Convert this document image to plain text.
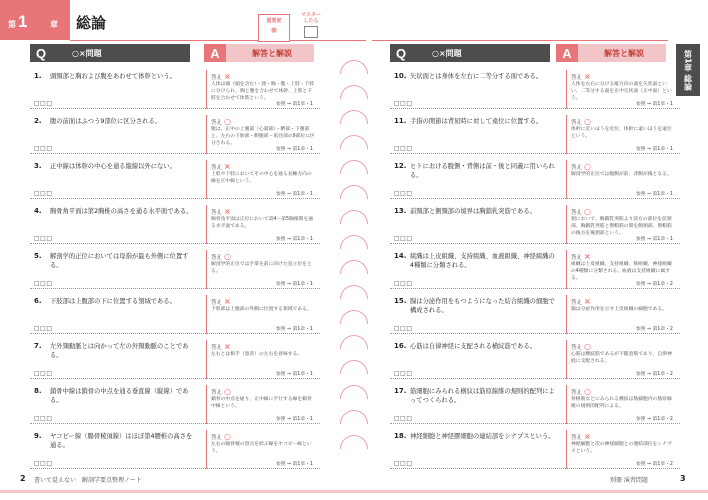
第 1	章 総論	重要度
❋
マスター
したら
Q	○×問題	A	解答と解説	Q	○×問題	A	解答と解説
1. 頭頸部と胸および腹をあわせて体幹という。
□□□
答え ×
人体は頭（頭を含む）・頸・胸・腹・上肢・下肢に分けられ、胸と腹を合わせて体幹、上肢と下肢を合わせて体肢という。
参照 ⇒ 第1章・1
2. 腹の前面はふつう9部位に区分される。
□□□
答え ○
腹は、正中の上腹部（心窩部）・臍部・下腹部と、左右の下肋部・側腹部・鼡径部の9部位に区分される。
参照 ⇒ 第1章・1
3. 正中線は体幹の中心を通る縦線以外にない。
□□□
答え ×
上肢や下肢においてその中心を通る長軸方向の線を正中線という。
参照 ⇒ 第1章・1
4. 胸骨角平面は第2胸椎の高さを通る水平面である。
□□□
答え ×
胸骨角平面は正位において第4～第5胸椎間を通る水平面である。
参照 ⇒ 第1章・1
5. 解剖学的正位においては母指が最も外側に位置する。
□□□
答え ○
解剖学的正位では手掌を前に向けた直立位をとる。
参照 ⇒ 第1章・1
6. 下肢部は上腹部の下に位置する領域である。
□□□
答え ×
下肢部は上腹部の外側に位置する領域である。
参照 ⇒ 第1章・1
7. 左外頸動脈とは向かって左の外頸動脈のことである。
□□□
答え ×
左右とは相手（患者）の左右を意味する。
参照 ⇒ 第1章・1
8. 鎖骨中線は鎖骨の中点を通る垂直線（縦線）である。
□□□
答え ○
鎖骨の中点を通り、正中線に平行する線を鎖骨中線という。
参照 ⇒ 第1章・1
9. ヤコビー線（腸骨稜頂線）はほぼ第4腰椎の高さを通る。
□□□
答え ○
左右の腸骨稜の頂点を結ぶ線をヤコビー線という。
参照 ⇒ 第1章・1
10. 矢状面とは身体を左右に二等分する面である。
□□□
答え ×
人体を左右に分ける縦方向の面を矢状面といい、二等分する面を正中矢状面（正中面）という。
参照 ⇒ 第1章・1
11. 手指の関節は背屈時に対して遠位に位置する。
□□□
答え ○
体幹に近いほうを近位、体幹に遠いほうを遠位という。
参照 ⇒ 第1章・1
12. ヒトにおける腹側・背側は前・後と同義に用いられる。
□□□
答え ○
解剖学的正位では腹側が前、背側が後となる。
参照 ⇒ 第1章・1
13. 前頸部と側頸部の境界は胸鎖乳突筋である。
□□□
答え ○
頸において、胸鎖乳突筋より前方の部位を前頸部、胸鎖乳突筋と僧帽筋の間を側頸部、僧帽筋の後方を後頸部という。
参照 ⇒ 第1章・1
14. 組織は上皮組織、支持組織、血液組織、神経組織の4種類に分類される。
□□□
答え ×
組織は上皮組織、支持組織、筋組織、神経組織の4種類に分類される。血液は支持組織に属する。
参照 ⇒ 第1章・2
15. 腺は分泌作用をもつようになった結合組織の細胞で構成される。
□□□
答え ×
腺は分泌作用を示す上皮組織の細胞である。
参照 ⇒ 第1章・2
16. 心筋は自律神経に支配される横紋筋である。
□□□
答え ○
心筋は横紋筋であるが不随意筋であり、自律神経に支配される。
参照 ⇒ 第1章・2
17. 筋細胞にみられる横紋は筋原線維の規則的配列によってつくられる。
□□□
答え ○
骨格筋などにみられる横紋は筋細胞内の筋原線維の規則的配列による。
参照 ⇒ 第1章・2
18. 神経細胞と神経膠細胞の連結部をシナプスという。
□□□
答え ×
神経細胞と次の神経細胞との連結部位をシナプスという。
参照 ⇒ 第1章・2
第1章 総論
2 書いて覚えない　解剖学要点整理ノート	別冊 演習問題	3
